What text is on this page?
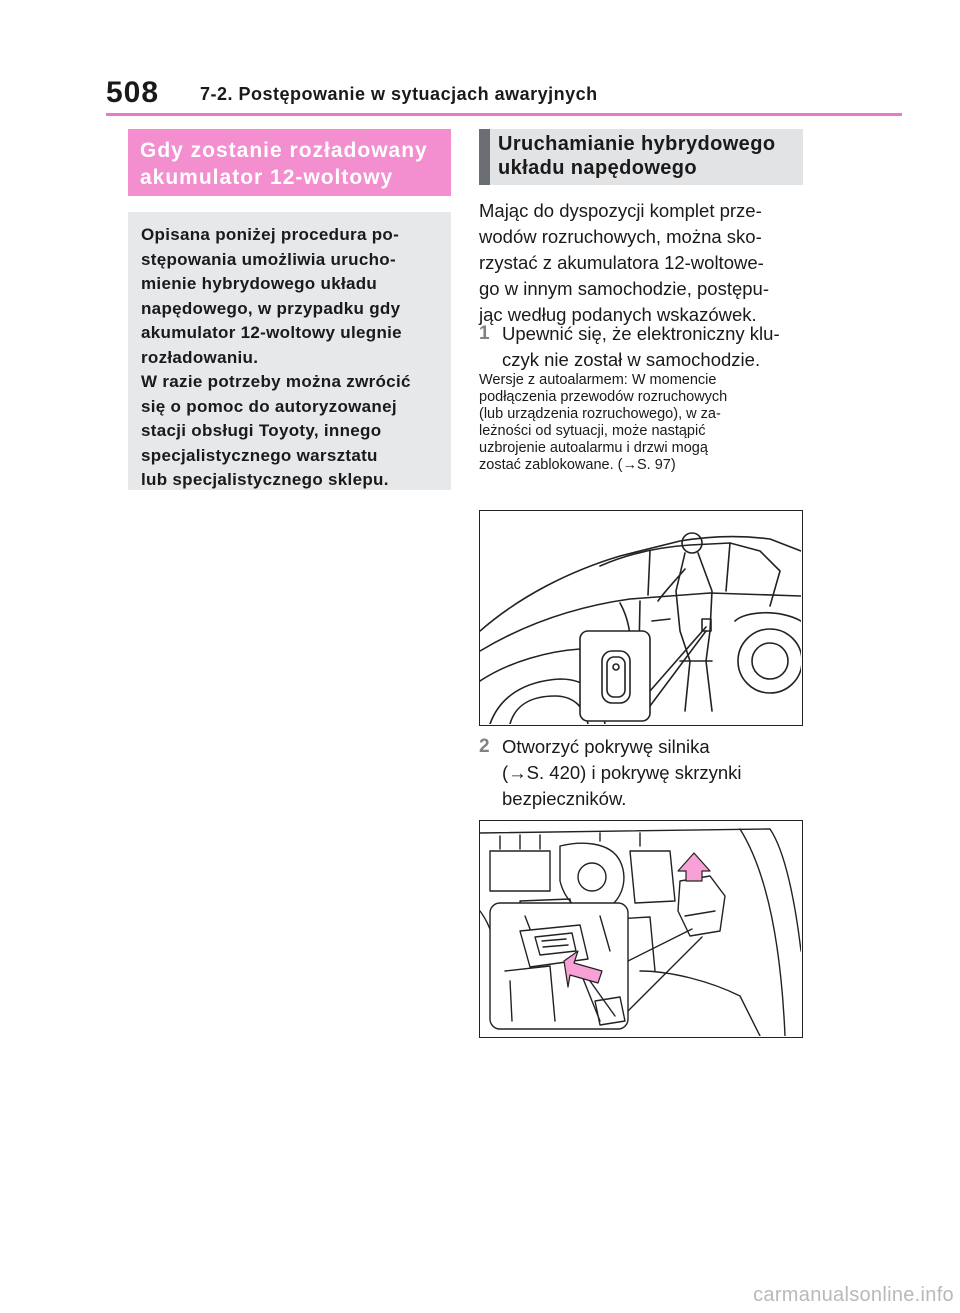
508 7-2. Postępowanie w sytuacjach awaryjnych
Gdy zostanie rozładowany
akumulator 12-woltowy

Opisana poniżej procedura po-

stępowania umożliwia urucho-

mienie hybrydowego układu

napędowego, w przypadku gdy

akumulator 12-woltowy ulegnie

rozładowaniu.

W razie potrzeby można zwrócić

się o pomoc do autoryzowanej

stacji obsługi Toyoty, innego

specjalistycznego warsztatu

lub specjalistycznego sklepu.

Uruchamianie hybrydowego
układu napędowego

Mając do dyspozycji komplet prze-

wodów rozruchowych, można sko-

rzystać z akumulatora 12-woltowe-

go w innym samochodzie, postępu-

jąc według podanych wskazówek.

1 Upewnić się, że elektroniczny klu-
czyk nie został w samochodzie.

Wersje z autoalarmem: W momencie

podłączenia przewodów rozruchowych

(lub urządzenia rozruchowego), w za-

leżności od sytuacji, może nastąpić

uzbrojenie autoalarmu i drzwi mogą

zostać zablokowane. (→S. 97)

2 Otworzyć pokrywę silnika
(→S. 420) i pokrywę skrzynki
bezpieczników.
carmanualsonline.info
